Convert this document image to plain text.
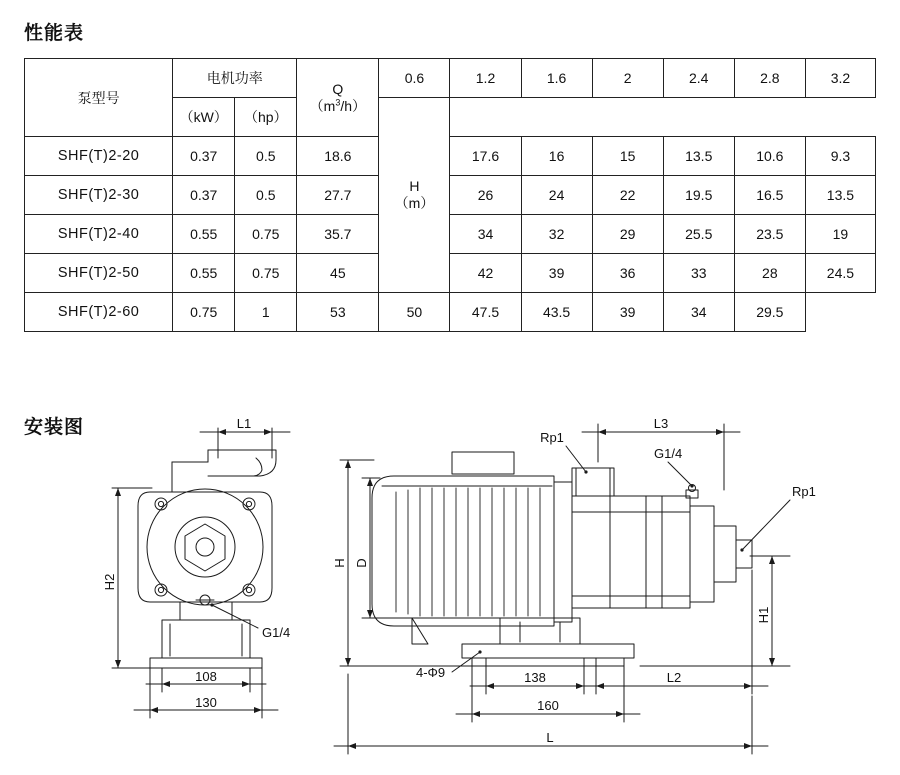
性能表
泵型号	电机功率		Q
$(m^3/h)$	0.6	1.2	1.6	2	2.4	2.8	3.2
	（kW）	（hp）		H
（m）						
SHF(T)2-20	0.37	0.5	18.6		17.6	16	15	13.5	10.6	9.3
SHF(T)2-30	0.37	0.5	27.7		26	24	22	19.5	16.5	13.5
SHF(T)2-40	0.55	0.75	35.7		34	32	29	25.5	23.5	19
SHF(T)2-50	0.55	0.75	45		42	39	36	33	28	24.5
SHF(T)2-60	0.75	1	53	50	47.5	43.5	39	34	29.5	
安装图	L1
H2
G1/4
108
130
L3
Rp1
G1/4
Rp1
H D
H1
4-Φ9	138	L2
160
L
